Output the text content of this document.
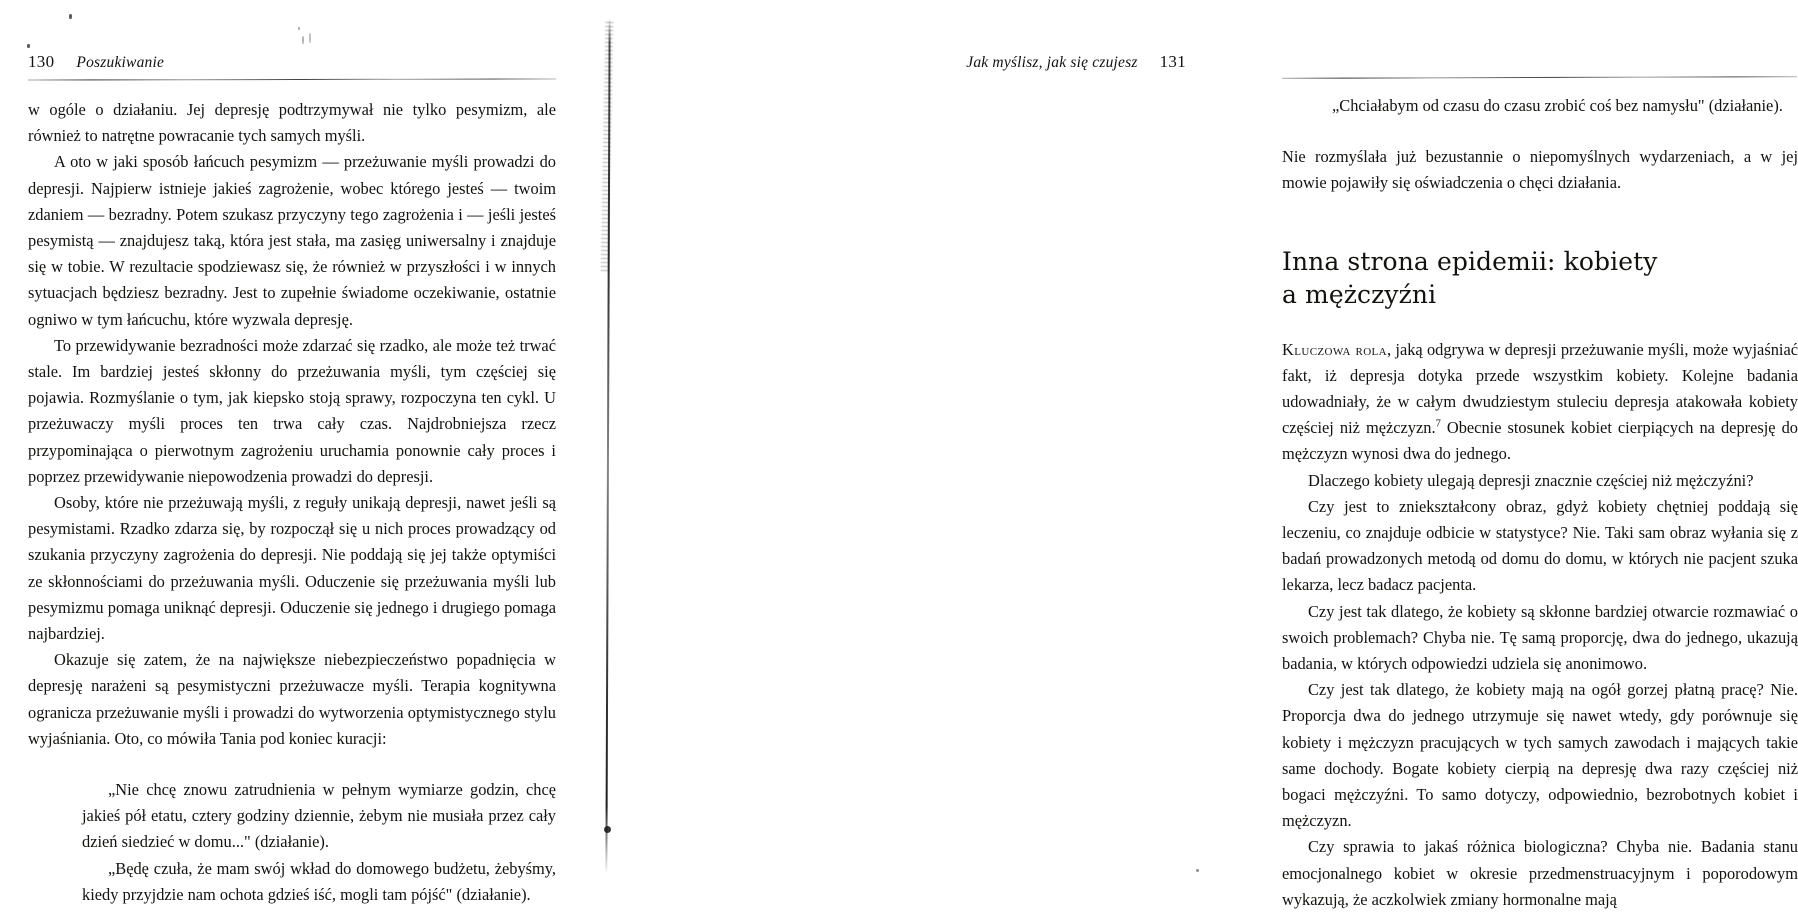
130 Poszukiwanie

w ogóle o działaniu. Jej depresję podtrzymywał nie tylko pesymizm, ale również to natrętne powracanie tych samych myśli.

A oto w jaki sposób łańcuch pesymizm — przeżuwanie myśli prowadzi do depresji. Najpierw istnieje jakieś zagrożenie, wobec którego jesteś — twoim zdaniem — bezradny. Potem szukasz przyczyny tego zagrożenia i — jeśli jesteś pesymistą — znajdujesz taką, która jest stała, ma zasięg uniwersalny i znajduje się w tobie. W rezultacie spodziewasz się, że również w przyszłości i w innych sytuacjach będziesz bezradny. Jest to zupełnie świadome oczekiwanie, ostatnie ogniwo w tym łańcuchu, które wyzwala depresję.

To przewidywanie bezradności może zdarzać się rzadko, ale może też trwać stale. Im bardziej jesteś skłonny do przeżuwania myśli, tym częściej się pojawia. Rozmyślanie o tym, jak kiepsko stoją sprawy, rozpoczyna ten cykl. U przeżuwaczy myśli proces ten trwa cały czas. Najdrobniejsza rzecz przypominająca o pierwotnym zagrożeniu uruchamia ponownie cały proces i poprzez przewidywanie niepowodzenia prowadzi do depresji.

Osoby, które nie przeżuwają myśli, z reguły unikają depresji, nawet jeśli są pesymistami. Rzadko zdarza się, by rozpoczął się u nich proces prowadzący od szukania przyczyny zagrożenia do depresji. Nie poddają się jej także optymiści ze skłonnościami do przeżuwania myśli. Oduczenie się przeżuwania myśli lub pesymizmu pomaga uniknąć depresji. Oduczenie się jednego i drugiego pomaga najbardziej.

Okazuje się zatem, że na największe niebezpieczeństwo popadnięcia w depresję narażeni są pesymistyczni przeżuwacze myśli. Terapia kognitywna ogranicza przeżuwanie myśli i prowadzi do wytworzenia optymistycznego stylu wyjaśniania. Oto, co mówiła Tania pod koniec kuracji:

„Nie chcę znowu zatrudnienia w pełnym wymiarze godzin, chcę jakieś pół etatu, cztery godziny dziennie, żebym nie musiała przez cały dzień siedzieć w domu..." (działanie).

„Będę czuła, że mam swój wkład do domowego budżetu, żebyśmy, kiedy przyjdzie nam ochota gdzieś iść, mogli tam pójść" (działanie).

Jak myślisz, jak się czujesz 131

„Chciałabym od czasu do czasu zrobić coś bez namysłu" (działanie).

Nie rozmyślała już bezustannie o niepomyślnych wydarzeniach, a w jej mowie pojawiły się oświadczenia o chęci działania.

Inna strona epidemii: kobiety
a mężczyźni

Kluczowa rola, jaką odgrywa w depresji przeżuwanie myśli, może wyjaśniać fakt, iż depresja dotyka przede wszystkim kobiety. Kolejne badania udowadniały, że w całym dwudziestym stuleciu depresja atakowała kobiety częściej niż mężczyzn.$^7$ Obecnie stosunek kobiet cierpiących na depresję do mężczyzn wynosi dwa do jednego.

Dlaczego kobiety ulegają depresji znacznie częściej niż mężczyźni?

Czy jest to zniekształcony obraz, gdyż kobiety chętniej poddają się leczeniu, co znajduje odbicie w statystyce? Nie. Taki sam obraz wyłania się z badań prowadzonych metodą od domu do domu, w których nie pacjent szuka lekarza, lecz badacz pacjenta.

Czy jest tak dlatego, że kobiety są skłonne bardziej otwarcie rozmawiać o swoich problemach? Chyba nie. Tę samą proporcję, dwa do jednego, ukazują badania, w których odpowiedzi udziela się anonimowo.

Czy jest tak dlatego, że kobiety mają na ogół gorzej płatną pracę? Nie. Proporcja dwa do jednego utrzymuje się nawet wtedy, gdy porównuje się kobiety i mężczyzn pracujących w tych samych zawodach i mających takie same dochody. Bogate kobiety cierpią na depresję dwa razy częściej niż bogaci mężczyźni. To samo dotyczy, odpowiednio, bezrobotnych kobiet i mężczyzn.

Czy sprawia to jakaś różnica biologiczna? Chyba nie. Badania stanu emocjonalnego kobiet w okresie przedmenstruacyjnym i poporodowym wykazują, że aczkolwiek zmiany hormonalne mają
